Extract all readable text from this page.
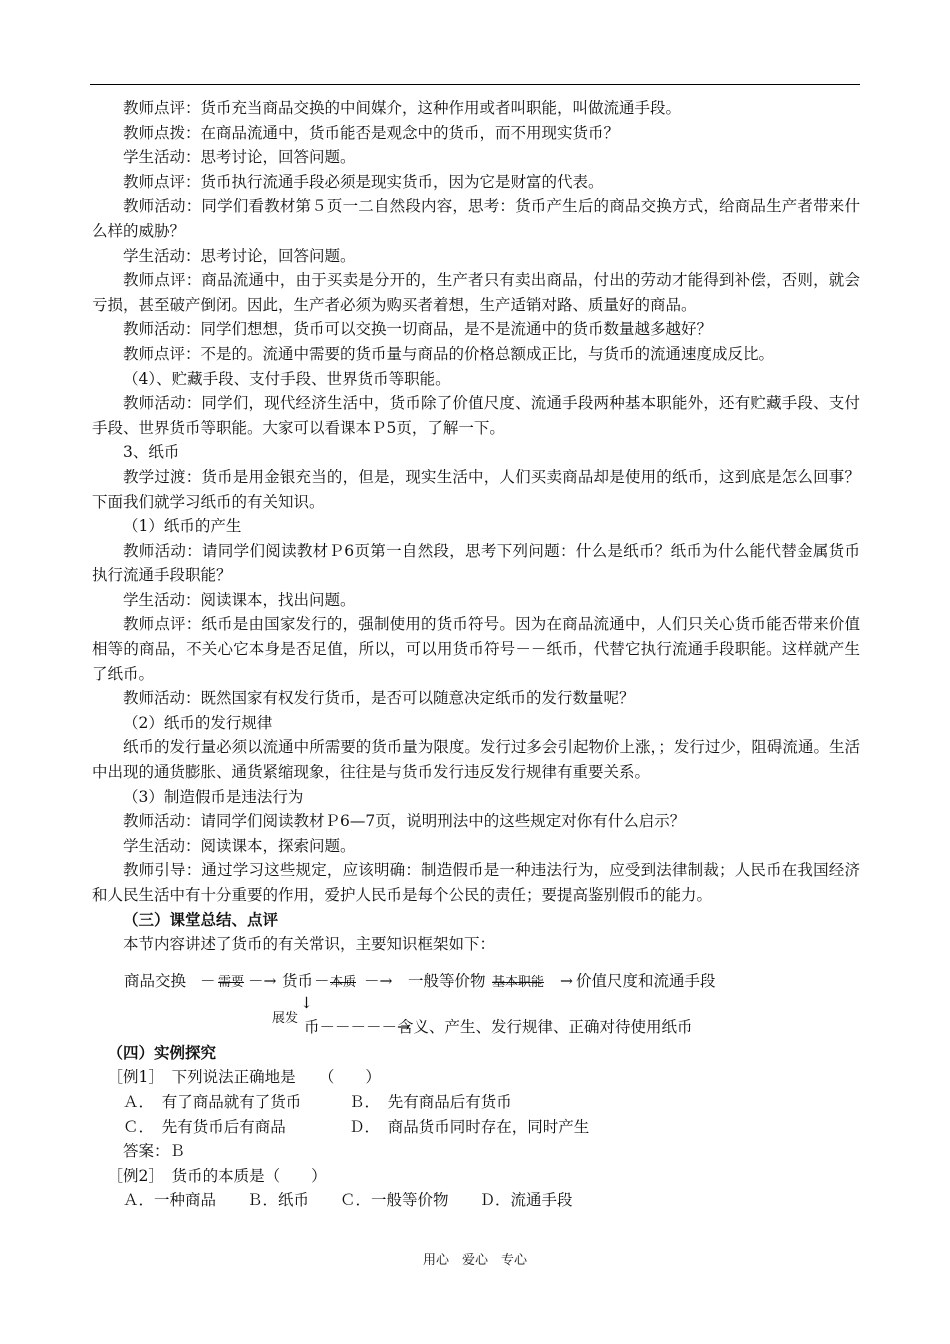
教师点评：货币充当商品交换的中间媒介，这种作用或者叫职能，叫做流通手段。

教师点拨：在商品流通中，货币能否是观念中的货币，而不用现实货币？

学生活动：思考讨论，回答问题。

教师点评：货币执行流通手段必须是现实货币，因为它是财富的代表。

教师活动：同学们看教材第５页一二自然段内容，思考：货币产生后的商品交换方式，给商品生产者带来什么样的威胁？

学生活动：思考讨论，回答问题。

教师点评：商品流通中，由于买卖是分开的，生产者只有卖出商品，付出的劳动才能得到补偿，否则，就会亏损，甚至破产倒闭。因此，生产者必须为购买者着想，生产适销对路、质量好的商品。

教师活动：同学们想想，货币可以交换一切商品，是不是流通中的货币数量越多越好？

教师点评：不是的。流通中需要的货币量与商品的价格总额成正比，与货币的流通速度成反比。

（4）、贮藏手段、支付手段、世界货币等职能。

教师活动：同学们，现代经济生活中，货币除了价值尺度、流通手段两种基本职能外，还有贮藏手段、支付手段、世界货币等职能。大家可以看课本Ｐ5页，了解一下。

3、纸币

教学过渡：货币是用金银充当的，但是，现实生活中，人们买卖商品却是使用的纸币，这到底是怎么回事？下面我们就学习纸币的有关知识。

（1）纸币的产生

教师活动：请同学们阅读教材Ｐ6页第一自然段，思考下列问题：什么是纸币？纸币为什么能代替金属货币执行流通手段职能？

学生活动：阅读课本，找出问题。

教师点评：纸币是由国家发行的，强制使用的货币符号。因为在商品流通中，人们只关心货币能否带来价值相等的商品，不关心它本身是否足值，所以，可以用货币符号－－纸币，代替它执行流通手段职能。这样就产生了纸币。

教师活动：既然国家有权发行货币，是否可以随意决定纸币的发行数量呢？

（2）纸币的发行规律

纸币的发行量必须以流通中所需要的货币量为限度。发行过多会引起物价上涨，；发行过少，阻碍流通。生活中出现的通货膨胀、通货紧缩现象，往往是与货币发行违反发行规律有重要关系。

（3）制造假币是违法行为

教师活动：请同学们阅读教材Ｐ6—7页，说明刑法中的这些规定对你有什么启示？

学生活动：阅读课本，探索问题。

教师引导：通过学习这些规定，应该明确：制造假币是一种违法行为，应受到法律制裁；人民币在我国经济和人民生活中有十分重要的作用，爱护人民币是每个公民的责任；要提高鉴别假币的能力。

（三）课堂总结、点评

本节内容讲述了货币的有关常识，主要知识框架如下：

商品交换 － 需要 －→ 货币 － 本质 －→ 一般等价物 基本职能 → 价值尺度和流通手段
↓
展发 币－－－－－→
含义、产生、发行规律、正确对待使用纸币

（四）实例探究

［例1］　下列说法正确地是　　（　　）

Ａ．　有了商品就有了货币	Ｂ．　先有商品后有货币
Ｃ．　先有货币后有商品	Ｄ．　商品货币同时存在，同时产生

答案：Ｂ

［例2］　货币的本质是（　　）

Ａ．一种商品　　Ｂ．纸币　　Ｃ．一般等价物　　Ｄ．流通手段

用心　爱心　专心
